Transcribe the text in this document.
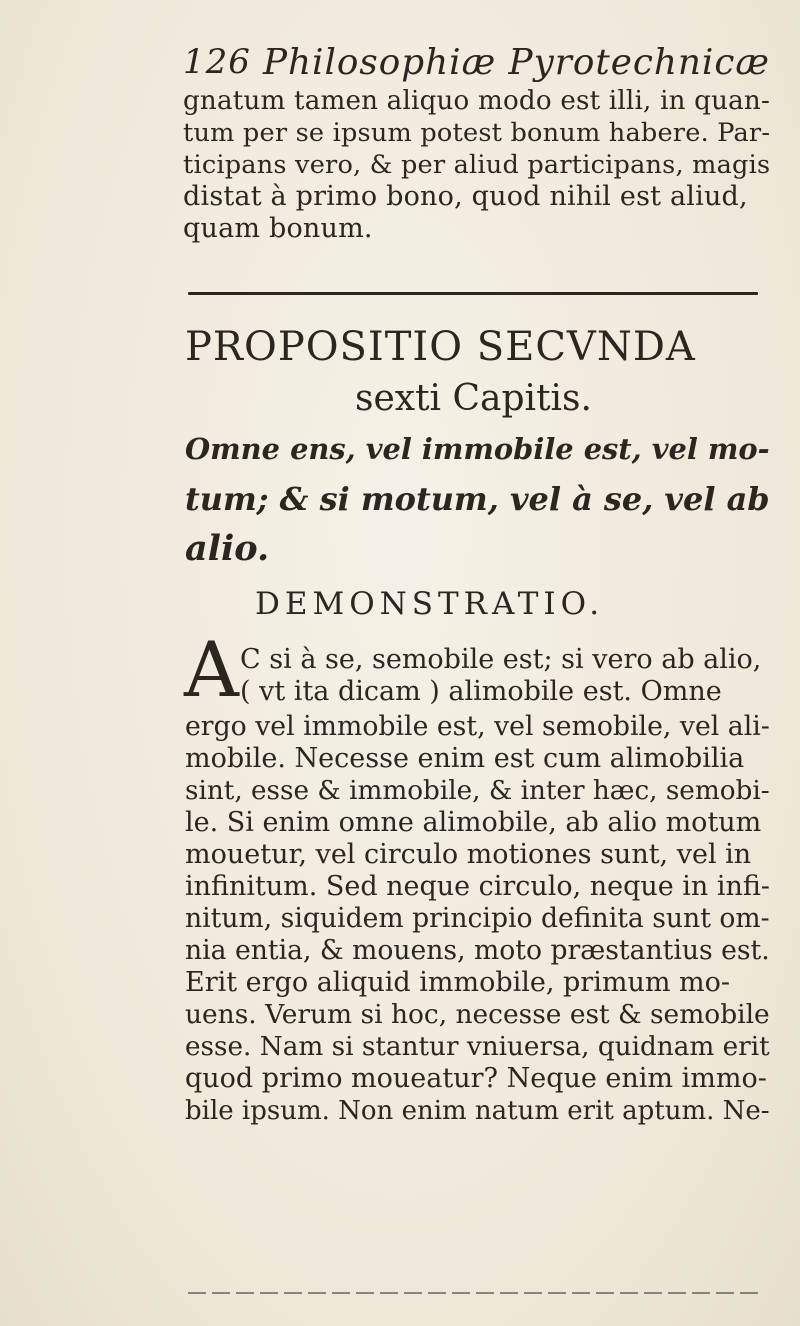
126 Philosophiæ Pyrotechnicæ
gnatum tamen aliquo modo est illi, in quan-
tum per se ipsum potest bonum habere. Par-
ticipans vero, & per aliud participans, magis
distat à primo bono, quod nihil est aliud,
quam bonum.
PROPOSITIO SECVNDA
sexti Capitis.
Omne ens, vel immobile est, vel mo-
tum; & si motum, vel à se, vel ab
alio.
DEMONSTRATIO.
A C si à se, semobile est; si vero ab alio,
( vt ita dicam ) alimobile est. Omne
ergo vel immobile est, vel semobile, vel ali-
mobile. Necesse enim est cum alimobilia
sint, esse & immobile, & inter hæc, semobi-
le. Si enim omne alimobile, ab alio motum
mouetur, vel circulo motiones sunt, vel in
infinitum. Sed neque circulo, neque in infi-
nitum, siquidem principio definita sunt om-
nia entia, & mouens, moto præstantius est.
Erit ergo aliquid immobile, primum mo-
uens. Verum si hoc, necesse est & semobile
esse. Nam si stantur vniuersa, quidnam erit
quod primo moueatur? Neque enim immo-
bile ipsum. Non enim natum erit aptum. Ne-
